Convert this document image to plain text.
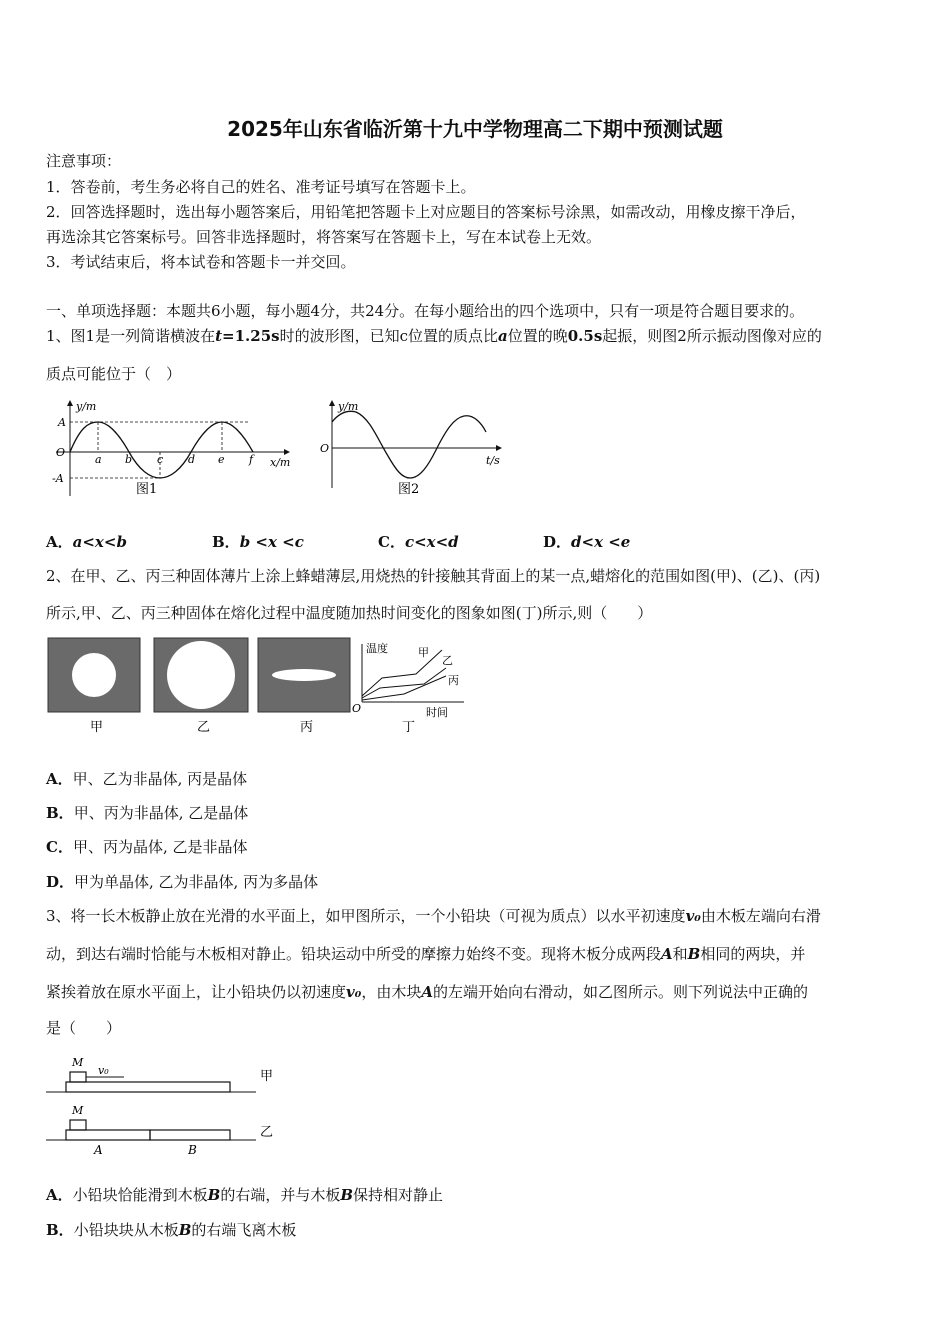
2025年山东省临沂第十九中学物理高二下期中预测试题
注意事项：
1．答卷前，考生务必将自己的姓名、准考证号填写在答题卡上。
2．回答选择题时，选出每小题答案后，用铅笔把答题卡上对应题目的答案标号涂黑，如需改动，用橡皮擦干净后，
再选涂其它答案标号。回答非选择题时，将答案写在答题卡上，写在本试卷上无效。
3．考试结束后，将本试卷和答题卡一并交回。
一、单项选择题：本题共6小题，每小题4分，共24分。在每小题给出的四个选项中，只有一项是符合题目要求的。
1、图1是一列简谐横波在t=1.25s时的波形图，已知c位置的质点比a位置的晚0.5s起振，则图2所示振动图像对应的
质点可能位于（　）
y/m
A
O
-A
x/m
a b c d e f
图1
y/m
O
t/s
图2
A．a<x<b	B．b <x <c	C．c<x<d	D．d<x <e
2、在甲、乙、丙三种固体薄片上涂上蜂蜡薄层,用烧热的针接触其背面上的某一点,蜡熔化的范围如图(甲)、(乙)、(丙)
所示,甲、乙、丙三种固体在熔化过程中温度随加热时间变化的图象如图(丁)所示,则（　　）
甲	乙	丙
温度	甲
乙
丙
O	时间
丁
A．甲、乙为非晶体, 丙是晶体
B．甲、丙为非晶体, 乙是晶体
C．甲、丙为晶体, 乙是非晶体
D．甲为单晶体, 乙为非晶体, 丙为多晶体
3、将一长木板静止放在光滑的水平面上，如甲图所示，一个小铅块（可视为质点）以水平初速度v₀由木板左端向右滑
动，到达右端时恰能与木板相对静止。铅块运动中所受的摩擦力始终不变。现将木板分成两段A和B相同的两块，并
紧挨着放在原水平面上，让小铅块仍以初速度v₀，由木块A的左端开始向右滑动，如乙图所示。则下列说法中正确的
是（　　）
M
v₀	甲
M
乙
A	B
A．小铅块恰能滑到木板B的右端，并与木板B保持相对静止
B．小铅块块从木板B的右端飞离木板
